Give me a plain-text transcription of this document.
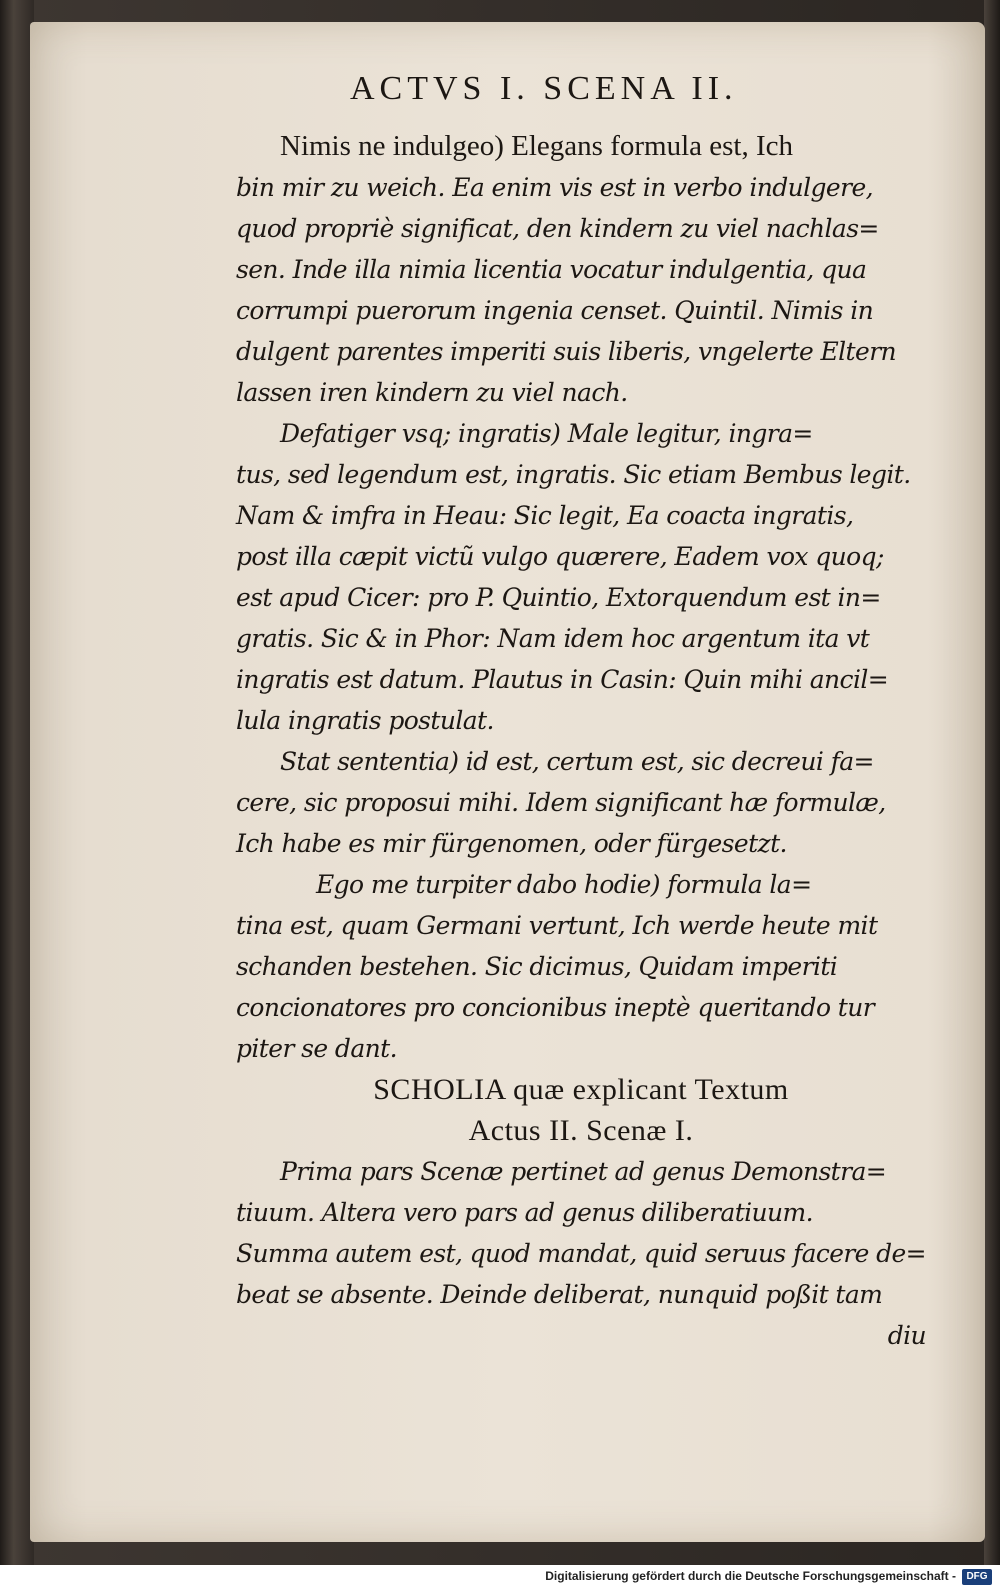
ACTVS I. SCENA II.
Nimis ne indulgeo) Elegans formula est, Ich
bin mir zu weich. Ea enim vis est in verbo indulgere,
quod propriè significat, den kindern zu viel nachlas=
sen. Inde illa nimia licentia vocatur indulgentia, qua
corrumpi puerorum ingenia censet. Quintil. Nimis in
dulgent parentes imperiti suis liberis, vngelerte Eltern
lassen iren kindern zu viel nach.
Defatiger vsq; ingratis) Male legitur, ingra=
tus, sed legendum est, ingratis. Sic etiam Bembus legit.
Nam & imfra in Heau: Sic legit, Ea coacta ingratis,
post illa cæpit victũ vulgo quærere, Eadem vox quoq;
est apud Cicer: pro P. Quintio, Extorquendum est in=
gratis. Sic & in Phor: Nam idem hoc argentum ita vt
ingratis est datum. Plautus in Casin: Quin mihi ancil=
lula ingratis postulat.
Stat sententia) id est, certum est, sic decreui fa=
cere, sic proposui mihi. Idem significant hæ formulæ,
Ich habe es mir fürgenomen, oder fürgesetzt.
Ego me turpiter dabo hodie) formula la=
tina est, quam Germani vertunt, Ich werde heute mit
schanden bestehen. Sic dicimus, Quidam imperiti
concionatores pro concionibus ineptè queritando tur
piter se dant.
SCHOLIA quæ explicant Textum
Actus II. Scenæ I.
Prima pars Scenæ pertinet ad genus Demonstra=
tiuum. Altera vero pars ad genus diliberatiuum.
Summa autem est, quod mandat, quid seruus facere de=
beat se absente. Deinde deliberat, nunquid poßit tam
diu
Digitalisierung gefördert durch die Deutsche Forschungsgemeinschaft -	DFG
